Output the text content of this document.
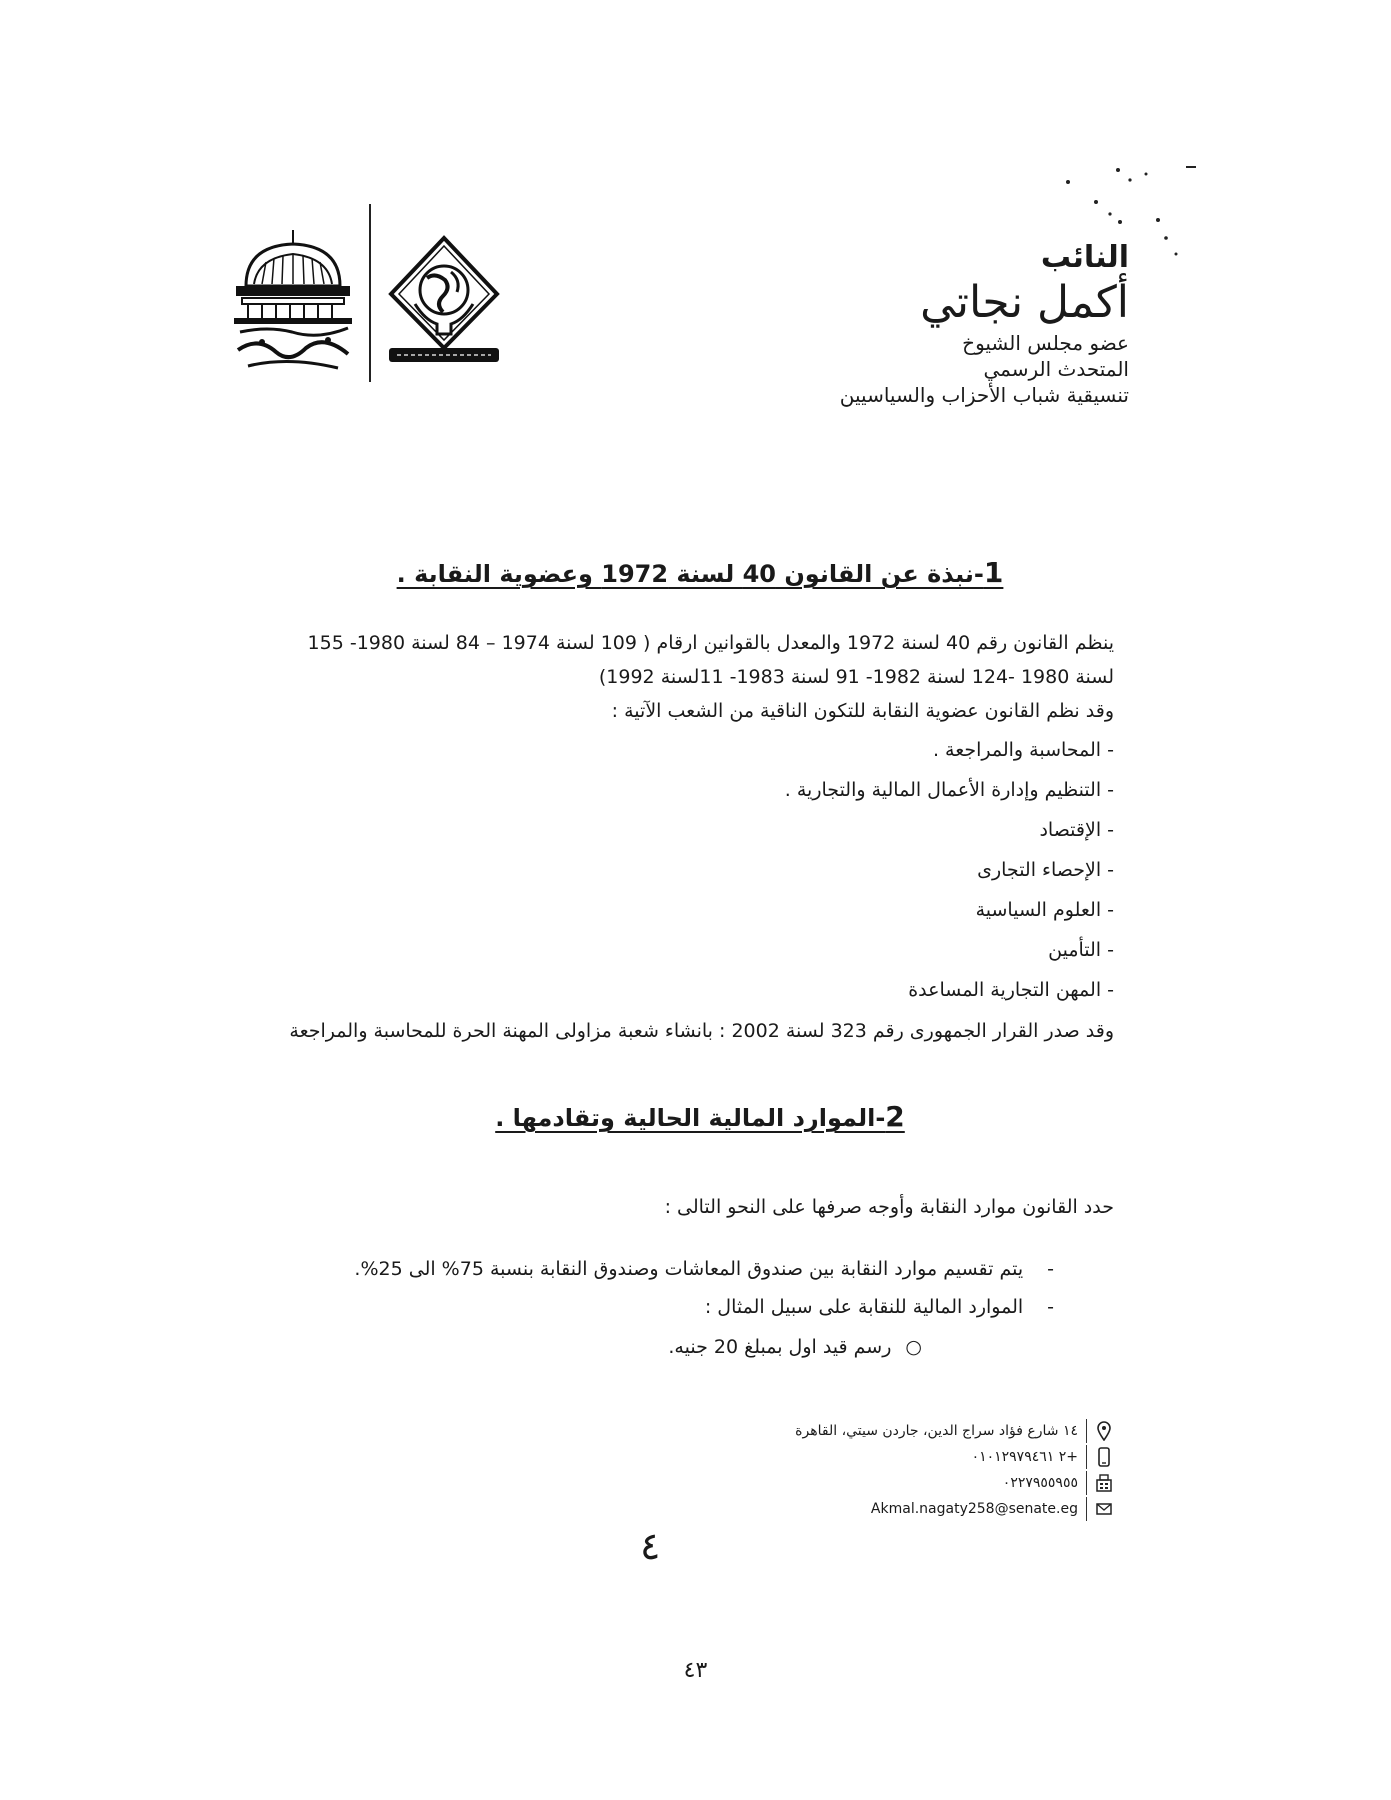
النائب
أكمل نجاتي
عضو مجلس الشيوخ
المتحدث الرسمي
تنسيقية شباب الأحزاب والسياسيين
1-نبذة عن القانون 40 لسنة 1972 وعضوية النقابة .
ينظم القانون رقم 40 لسنة 1972 والمعدل بالقوانين ارقام ( 109 لسنة 1974 – 84 لسنة 1980- 155
لسنة 1980 -124 لسنة 1982- 91 لسنة 1983- 11لسنة 1992)
وقد نظم القانون عضوية النقابة للتكون الناقية من الشعب الآتية :
- المحاسبة والمراجعة .
- التنظيم وإدارة الأعمال المالية والتجارية .
- الإقتصاد
- الإحصاء التجارى
- العلوم السياسية
- التأمين
- المهن التجارية المساعدة
وقد صدر القرار الجمهورى رقم 323 لسنة 2002 : بانشاء شعبة مزاولى المهنة الحرة للمحاسبة والمراجعة
2-الموارد المالية الحالية وتقادمها .
حدد القانون موارد النقابة وأوجه صرفها على النحو التالى :
-
يتم تقسيم موارد النقابة بين صندوق المعاشات وصندوق النقابة بنسبة 75% الى 25%.
-
الموارد المالية للنقابة على سبيل المثال :
○
رسم قيد اول بمبلغ 20 جنيه.
١٤ شارع فؤاد سراج الدين، جاردن سيتي، القاهرة
+٢ ٠١٠١٢٩٧٩٤٦١
٠٢٢٧٩٥٥٩٥٥
Akmal.nagaty258@senate.eg
٤
٤٣
